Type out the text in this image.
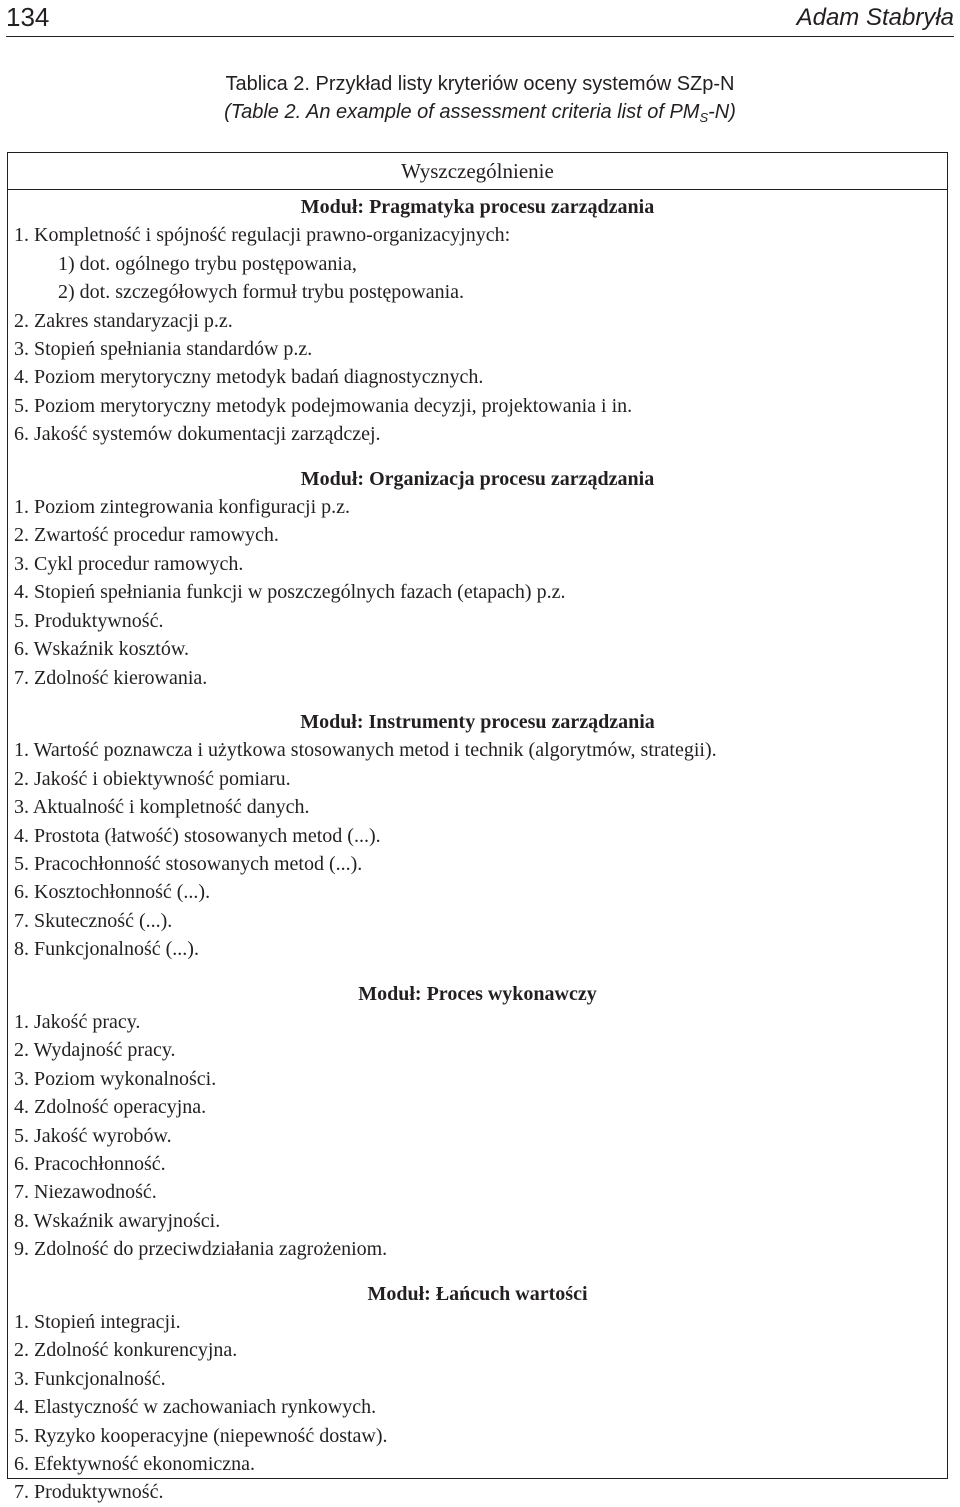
134	Adam Stabryła
Tablica 2. Przykład listy kryteriów oceny systemów SZp-N
(Table 2. An example of assessment criteria list of $PM_S-N$)
Wyszczególnienie
Moduł: Pragmatyka procesu zarządzania
1. Kompletność i spójność regulacji prawno-organizacyjnych:
1) dot. ogólnego trybu postępowania,
2) dot. szczegółowych formuł trybu postępowania.
2. Zakres standaryzacji p.z.
3. Stopień spełniania standardów p.z.
4. Poziom merytoryczny metodyk badań diagnostycznych.
5. Poziom merytoryczny metodyk podejmowania decyzji, projektowania i in.
6. Jakość systemów dokumentacji zarządczej.
Moduł: Organizacja procesu zarządzania
1. Poziom zintegrowania konfiguracji p.z.
2. Zwartość procedur ramowych.
3. Cykl procedur ramowych.
4. Stopień spełniania funkcji w poszczególnych fazach (etapach) p.z.
5. Produktywność.
6. Wskaźnik kosztów.
7. Zdolność kierowania.
Moduł: Instrumenty procesu zarządzania
1. Wartość poznawcza i użytkowa stosowanych metod i technik (algorytmów, strategii).
2. Jakość i obiektywność pomiaru.
3. Aktualność i kompletność danych.
4. Prostota (łatwość) stosowanych metod (...).
5. Pracochłonność stosowanych metod (...).
6. Kosztochłonność (...).
7. Skuteczność (...).
8. Funkcjonalność (...).
Moduł: Proces wykonawczy
1. Jakość pracy.
2. Wydajność pracy.
3. Poziom wykonalności.
4. Zdolność operacyjna.
5. Jakość wyrobów.
6. Pracochłonność.
7. Niezawodność.
8. Wskaźnik awaryjności.
9. Zdolność do przeciwdziałania zagrożeniom.
Moduł: Łańcuch wartości
1. Stopień integracji.
2. Zdolność konkurencyjna.
3. Funkcjonalność.
4. Elastyczność w zachowaniach rynkowych.
5. Ryzyko kooperacyjne (niepewność dostaw).
6. Efektywność ekonomiczna.
7. Produktywność.
